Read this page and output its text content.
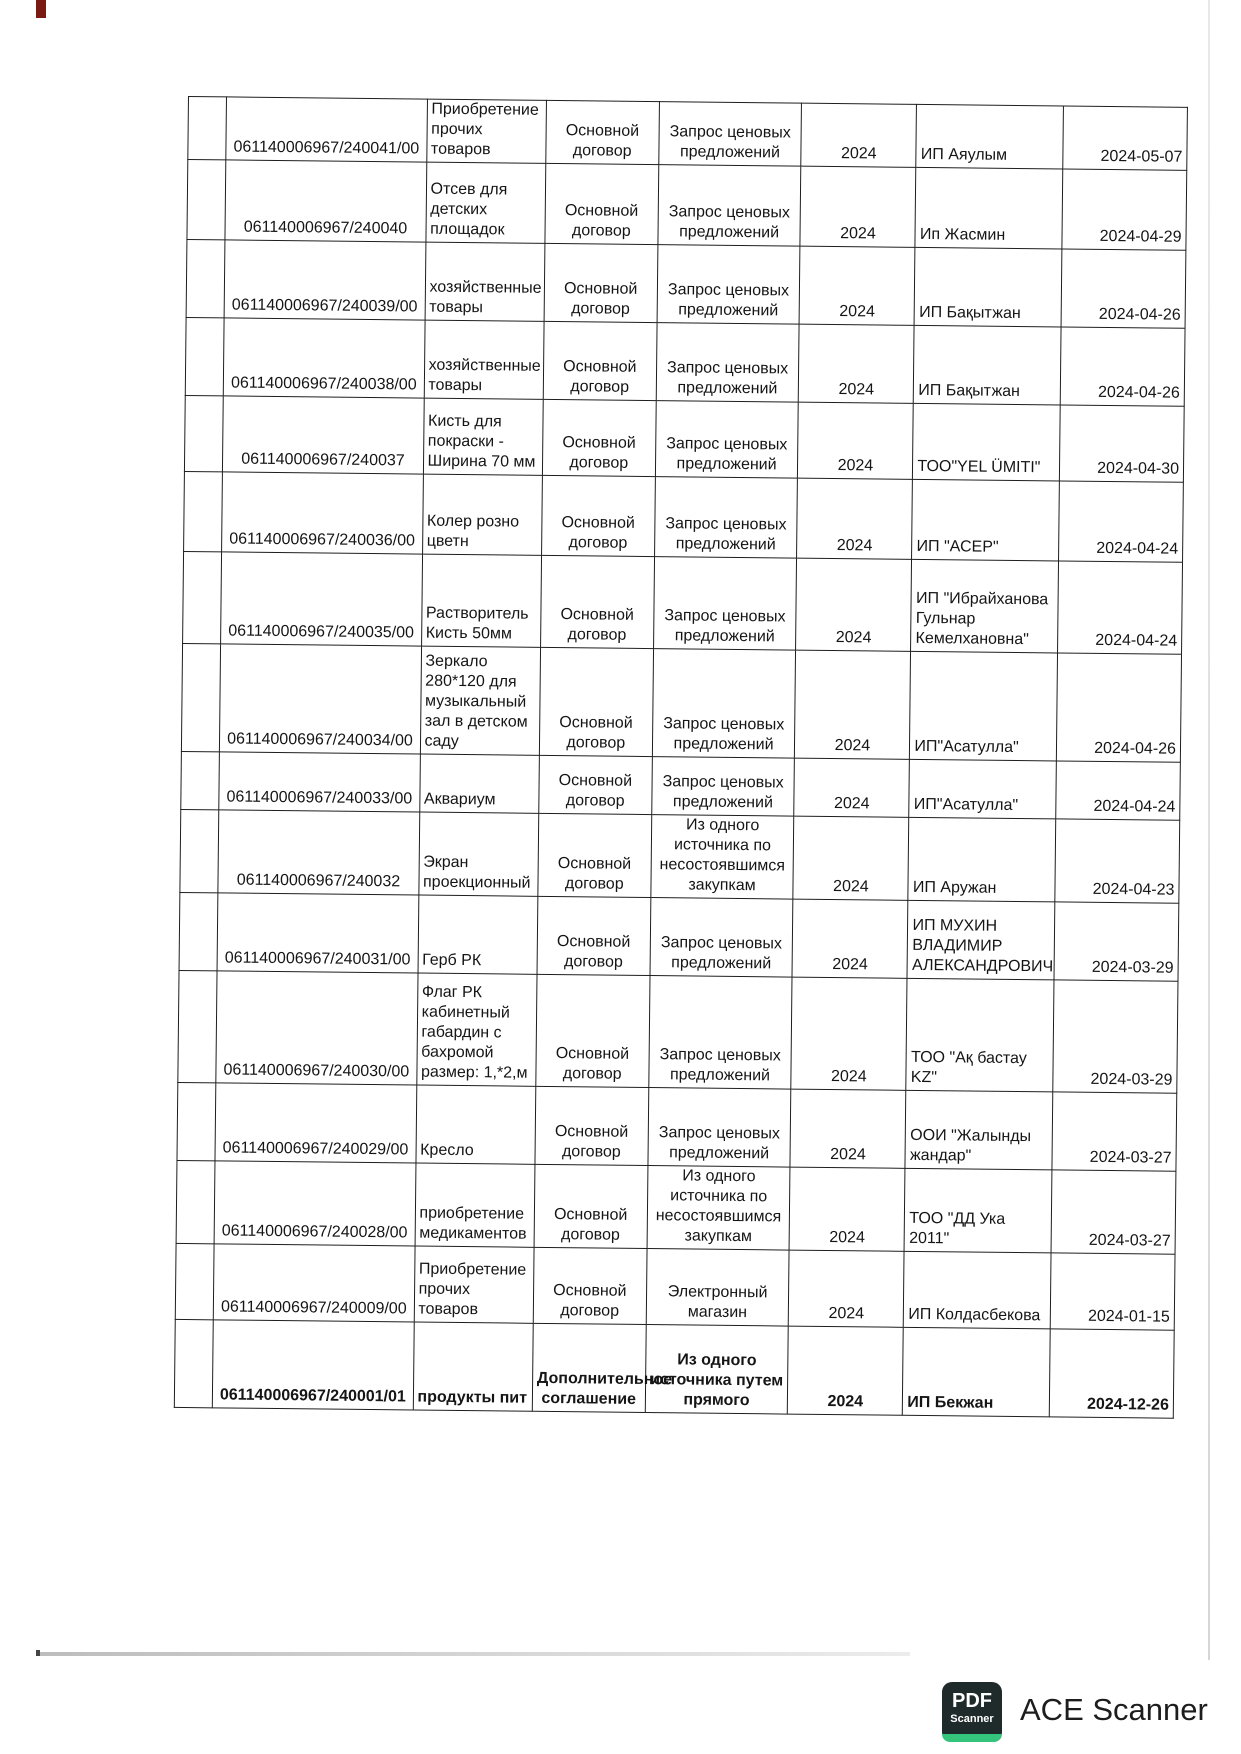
	061140006967/240041/00	Приобретение прочих товаров	Основной договор	Запрос ценовых предложений	2024	ИП Аяулым	2024-05-07
	061140006967/240040	Отсев для детских площадок	Основной договор	Запрос ценовых предложений	2024	Ип Жасмин	2024-04-29
	061140006967/240039/00	хозяйственные товары	Основной договор	Запрос ценовых предложений	2024	ИП Бақытжан	2024-04-26
	061140006967/240038/00	хозяйственные товары	Основной договор	Запрос ценовых предложений	2024	ИП Бақытжан	2024-04-26
	061140006967/240037	Кисть для покраски - Ширина 70 мм	Основной договор	Запрос ценовых предложений	2024	ТОО"YEL ÜMITI"	2024-04-30
	061140006967/240036/00	Колер розно цветн	Основной договор	Запрос ценовых предложений	2024	ИП "АСЕР"	2024-04-24
	061140006967/240035/00	Растворитель Кисть 50мм	Основной договор	Запрос ценовых предложений	2024	ИП "Ибрайханова Гульнар Кемелхановна"	2024-04-24
	061140006967/240034/00	Зеркало 280*120 для музыкальный зал в детском саду	Основной договор	Запрос ценовых предложений	2024	ИП"Асатулла"	2024-04-26
	061140006967/240033/00	Аквариум	Основной договор	Запрос ценовых предложений	2024	ИП"Асатулла"	2024-04-24
	061140006967/240032	Экран проекционный	Основной договор	Из одного источника по несостоявшимся закупкам	2024	ИП Аружан	2024-04-23
	061140006967/240031/00	Герб РК	Основной договор	Запрос ценовых предложений	2024	ИП МУХИН ВЛАДИМИР АЛЕКСАНДРОВИЧ	2024-03-29
	061140006967/240030/00	Флаг РК кабинетный габардин с бахромой размер: 1,*2,м	Основной договор	Запрос ценовых предложений	2024	ТОО "Ақ бастау KZ"	2024-03-29
	061140006967/240029/00	Кресло	Основной договор	Запрос ценовых предложений	2024	ООИ "Жалынды жандар"	2024-03-27
	061140006967/240028/00	приобретение медикаментов	Основной договор	Из одного источника по несостоявшимся закупкам	2024	ТОО "ДД Ука 2011"	2024-03-27
	061140006967/240009/00	Приобретение прочих товаров	Основной договор	Электронный магазин	2024	ИП Колдасбекова	2024-01-15
	061140006967/240001/01	продукты пит	Дополнительное соглашение	Из одного источника путем прямого	2024	ИП Бекжан	2024-12-26
PDF
Scanner ACE Scanner
